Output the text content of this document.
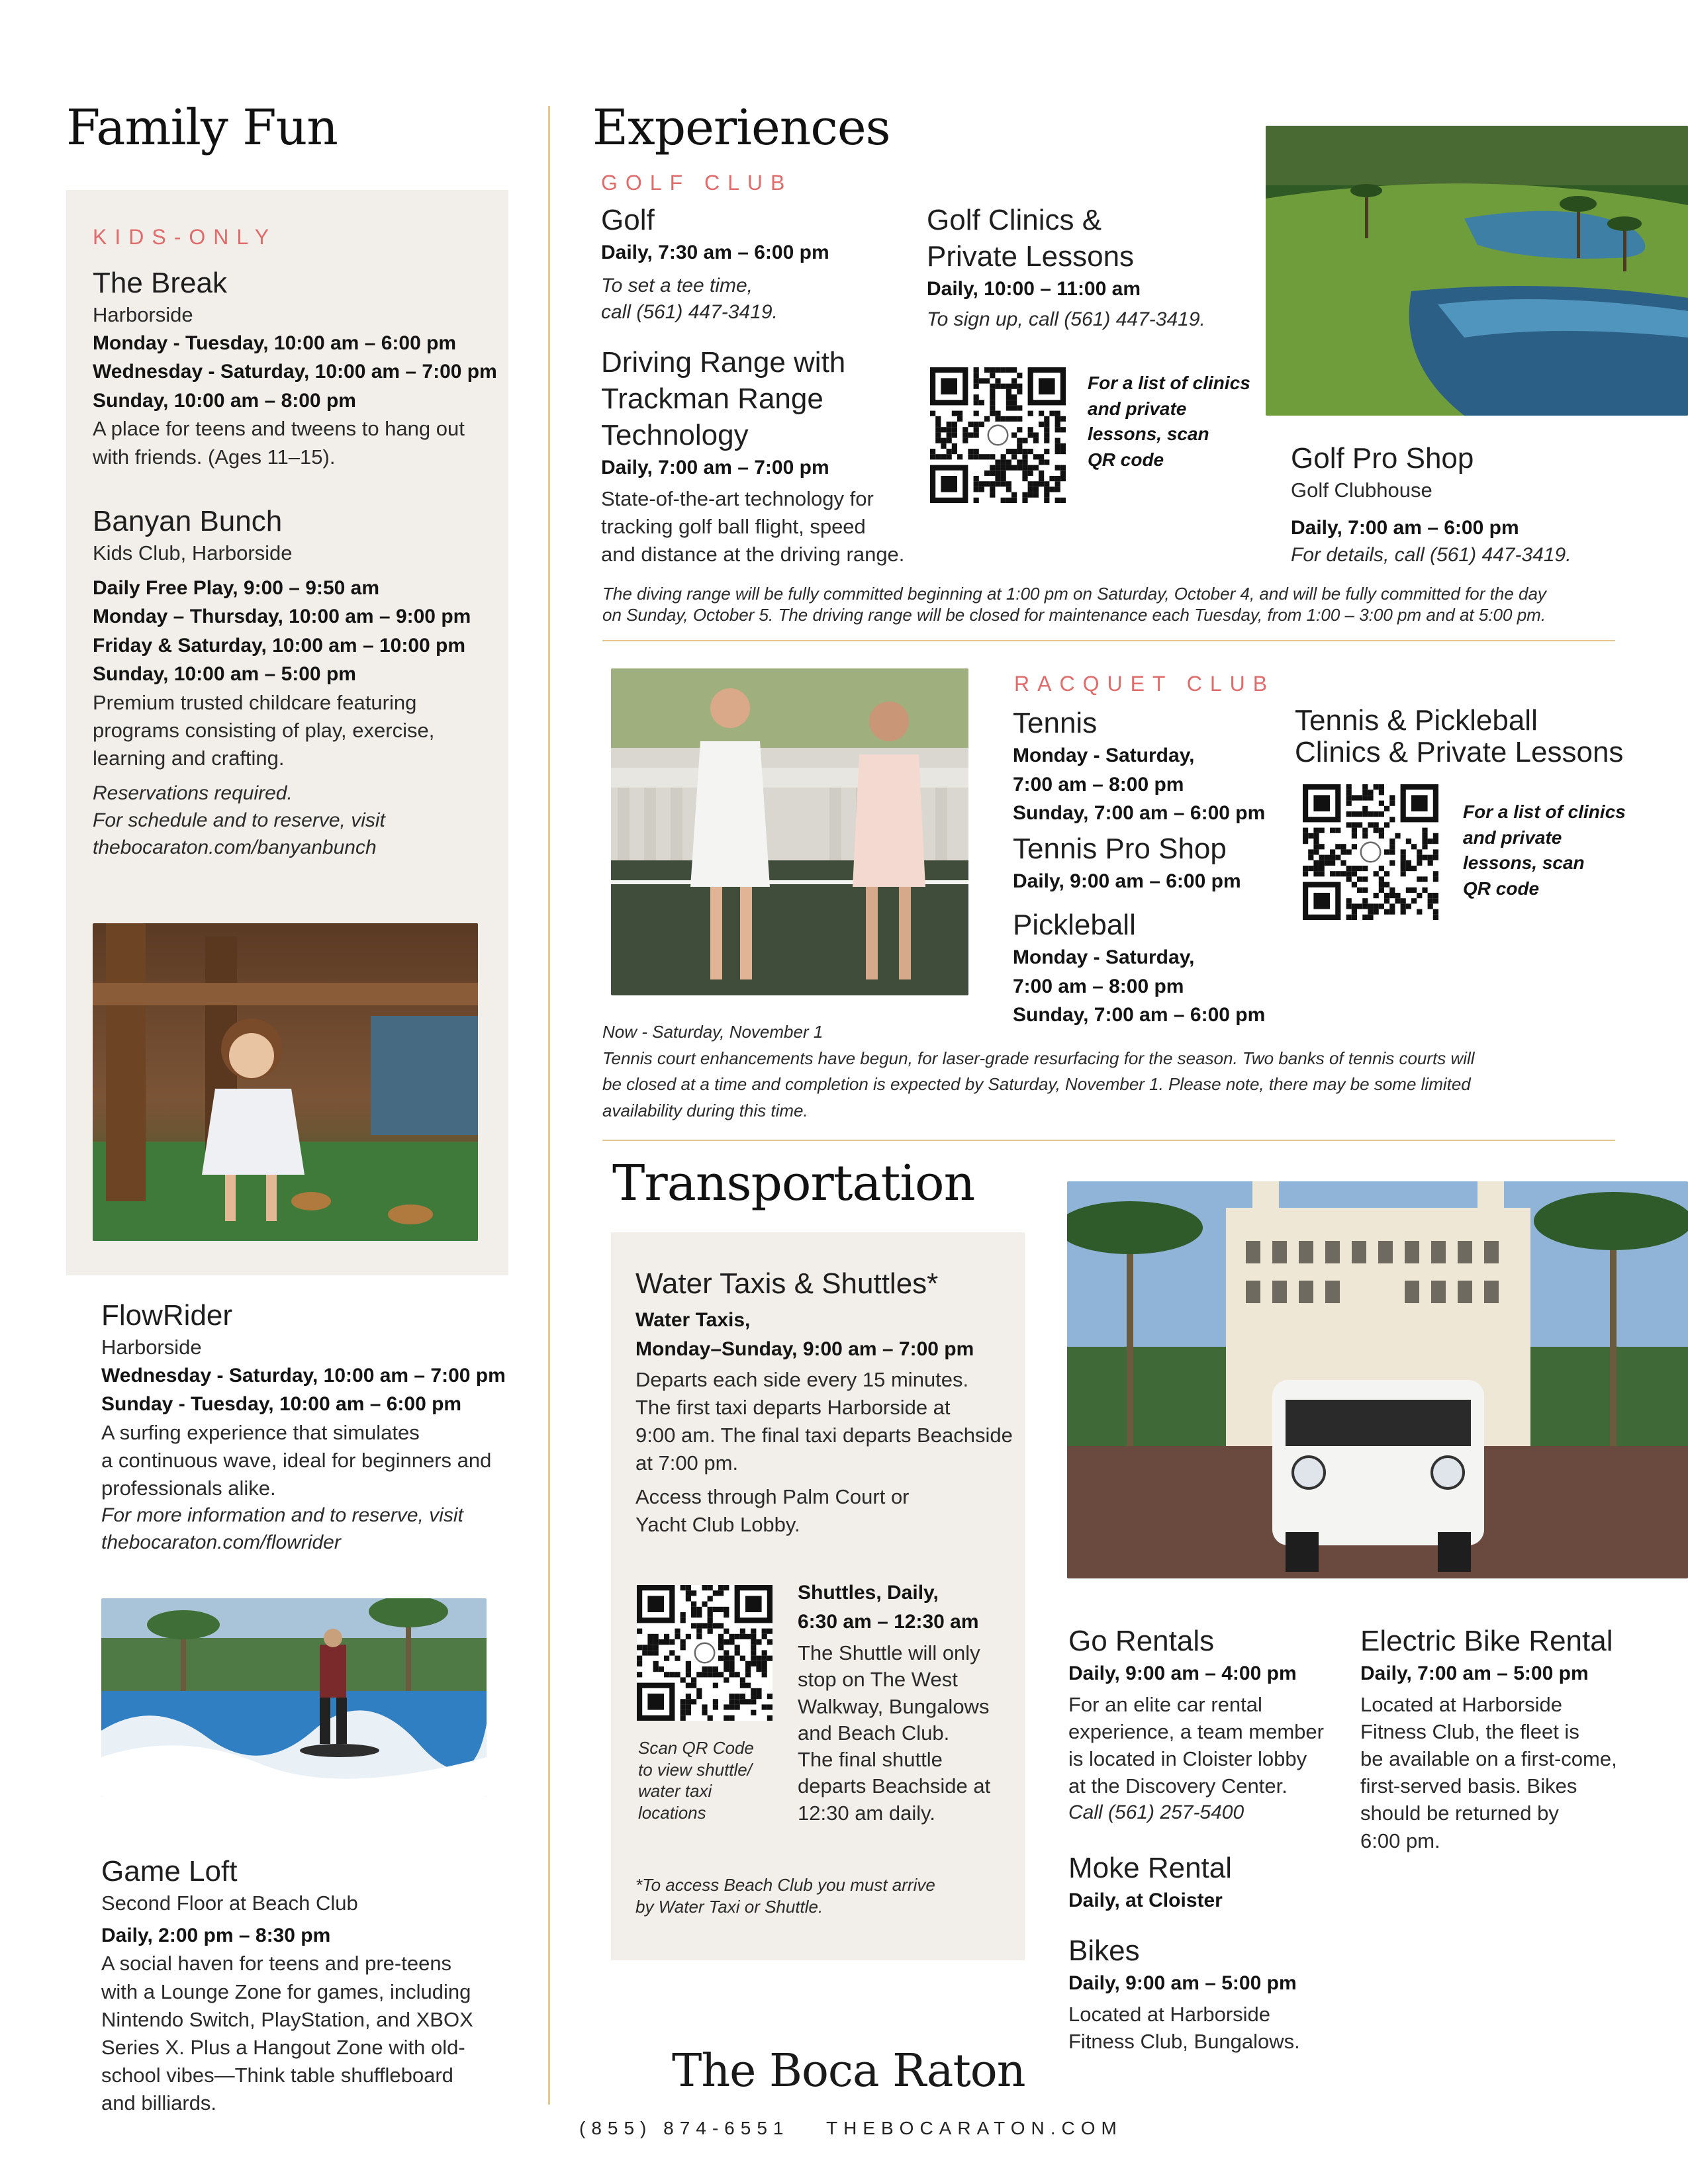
Family Fun
KIDS-ONLY
The Break
Harborside
Monday - Tuesday, 10:00 am – 6:00 pm
Wednesday - Saturday, 10:00 am – 7:00 pm
Sunday, 10:00 am – 8:00 pm
A place for teens and tweens to hang out
with friends. (Ages 11–15).
Banyan Bunch
Kids Club, Harborside
Daily Free Play, 9:00 – 9:50 am
Monday – Thursday, 10:00 am – 9:00 pm
Friday & Saturday, 10:00 am – 10:00 pm
Sunday, 10:00 am – 5:00 pm
Premium trusted childcare featuring
programs consisting of play, exercise,
learning and crafting.
Reservations required.
For schedule and to reserve, visit
thebocaraton.com/banyanbunch
FlowRider
Harborside
Wednesday - Saturday, 10:00 am – 7:00 pm
Sunday - Tuesday, 10:00 am – 6:00 pm
A surfing experience that simulates
a continuous wave, ideal for beginners and
professionals alike.
For more information and to reserve, visit
thebocaraton.com/flowrider
Game Loft
Second Floor at Beach Club
Daily, 2:00 pm – 8:30 pm
A social haven for teens and pre-teens
with a Lounge Zone for games, including
Nintendo Switch, PlayStation, and XBOX
Series X. Plus a Hangout Zone with old-
school vibes—Think table shuffleboard
and billiards.
Experiences
GOLF CLUB
Golf
Daily, 7:30 am – 6:00 pm
To set a tee time,
call (561) 447-3419.
Driving Range with
Trackman Range
Technology
Daily, 7:00 am – 7:00 pm
State-of-the-art technology for
tracking golf ball flight, speed
and distance at the driving range.
Golf Clinics &
Private Lessons
Daily, 10:00 – 11:00 am
To sign up, call (561) 447-3419.
For a list of clinics
and private
lessons, scan
QR code	Golf Pro Shop
Golf Clubhouse
Daily, 7:00 am – 6:00 pm
For details, call (561) 447-3419.
The diving range will be fully committed beginning at 1:00 pm on Saturday, October 4, and will be fully committed for the day
on Sunday, October 5. The driving range will be closed for maintenance each Tuesday, from 1:00 – 3:00 pm and at 5:00 pm.
RACQUET CLUB
Tennis
Monday - Saturday,
7:00 am – 8:00 pm
Sunday, 7:00 am – 6:00 pm
Tennis Pro Shop
Daily, 9:00 am – 6:00 pm
Pickleball
Monday - Saturday,
7:00 am – 8:00 pm
Sunday, 7:00 am – 6:00 pm
Tennis & Pickleball
Clinics & Private Lessons
For a list of clinics
and private
lessons, scan
QR code
Now - Saturday, November 1
Tennis court enhancements have begun, for laser-grade resurfacing for the season. Two banks of tennis courts will
be closed at a time and completion is expected by Saturday, November 1. Please note, there may be some limited
availability during this time.
Transportation
Water Taxis & Shuttles*
Water Taxis,
Monday–Sunday, 9:00 am – 7:00 pm
Departs each side every 15 minutes.
The first taxi departs Harborside at
9:00 am. The final taxi departs Beachside
at 7:00 pm.
Access through Palm Court or
Yacht Club Lobby.
Scan QR Code
to view shuttle/
water taxi
locations
Shuttles, Daily,
6:30 am – 12:30 am
The Shuttle will only
stop on The West
Walkway, Bungalows
and Beach Club.
The final shuttle
departs Beachside at
12:30 am daily.
*To access Beach Club you must arrive
by Water Taxi or Shuttle.
Go Rentals
Daily, 9:00 am – 4:00 pm
For an elite car rental
experience, a team member
is located in Cloister lobby
at the Discovery Center.
Call (561) 257-5400
Moke Rental
Daily, at Cloister
Bikes
Daily, 9:00 am – 5:00 pm
Located at Harborside
Fitness Club, Bungalows.
Electric Bike Rental
Daily, 7:00 am – 5:00 pm
Located at Harborside
Fitness Club, the fleet is
be available on a first-come,
first-served basis. Bikes
should be returned by
6:00 pm.
The Boca Raton
(855) 874-6551 THEBOCARATON.COM
